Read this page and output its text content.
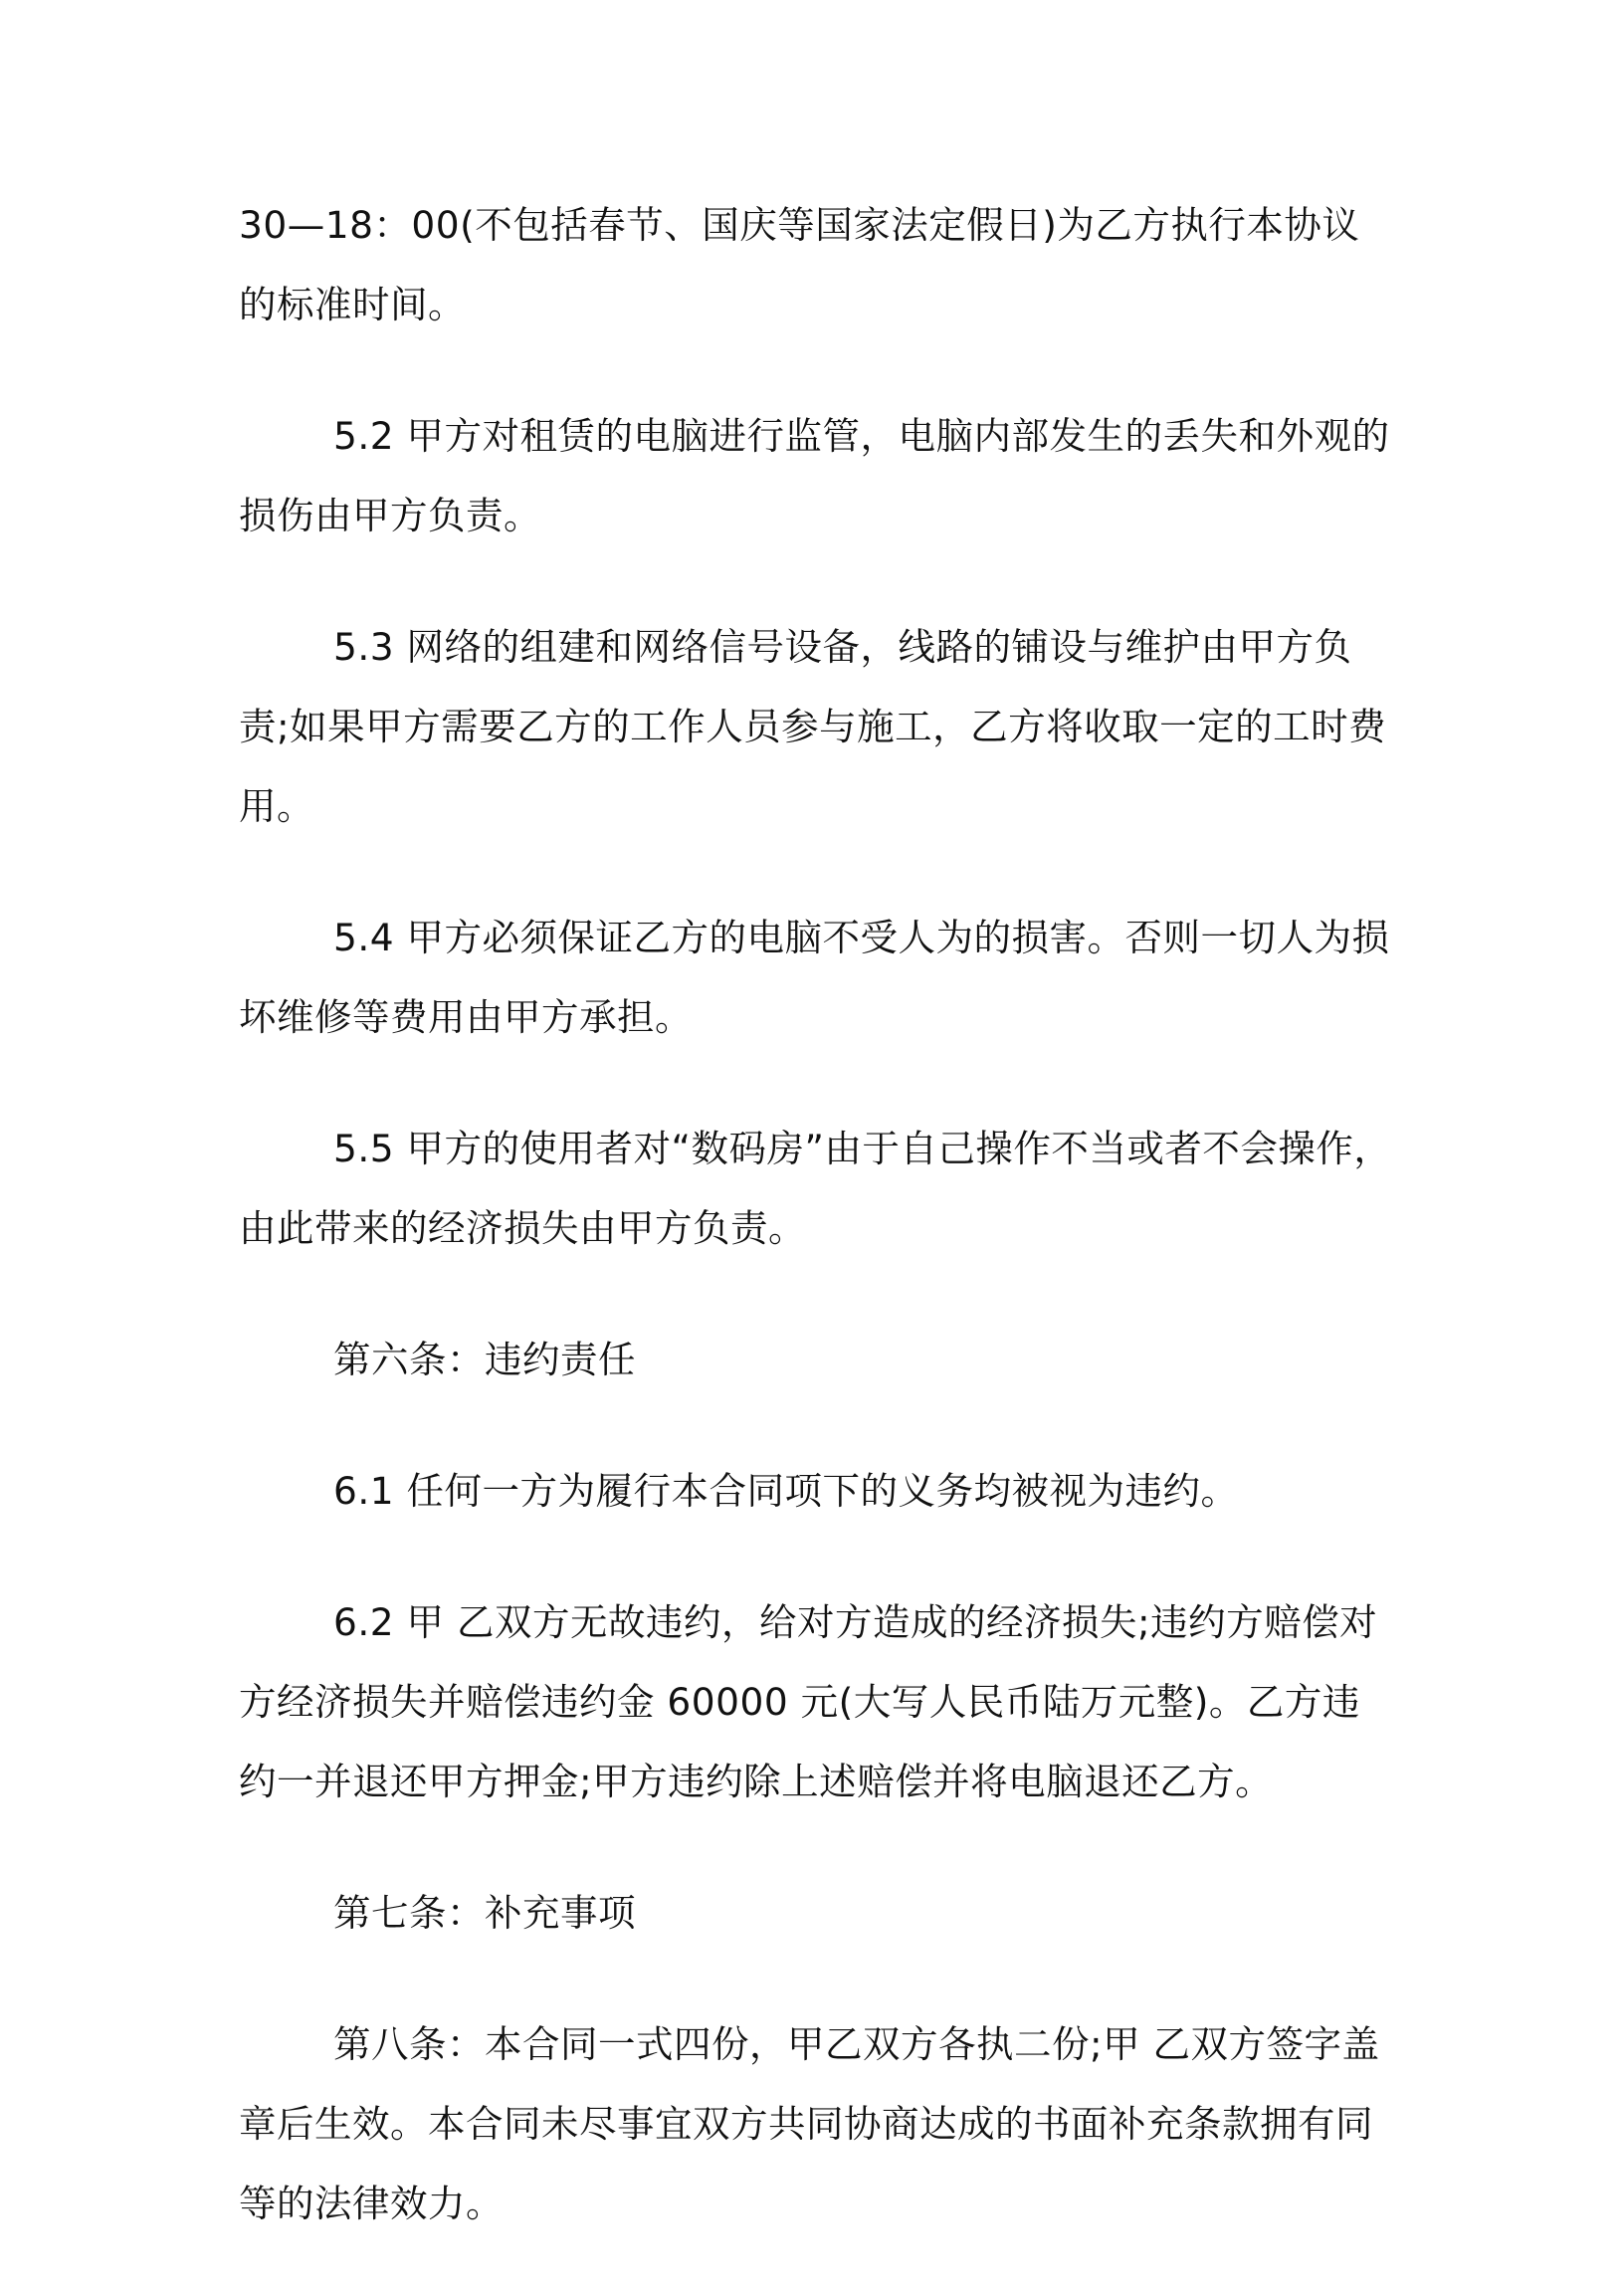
30—18：00(不包括春节、国庆等国家法定假日)为乙方执行本协议的标准时间。

5.2 甲方对租赁的电脑进行监管，电脑内部发生的丢失和外观的损伤由甲方负责。

5.3 网络的组建和网络信号设备，线路的铺设与维护由甲方负责;如果甲方需要乙方的工作人员参与施工，乙方将收取一定的工时费用。

5.4 甲方必须保证乙方的电脑不受人为的损害。否则一切人为损坏维修等费用由甲方承担。

5.5 甲方的使用者对“数码房”由于自己操作不当或者不会操作，由此带来的经济损失由甲方负责。

第六条：违约责任

6.1 任何一方为履行本合同项下的义务均被视为违约。

6.2 甲 乙双方无故违约，给对方造成的经济损失;违约方赔偿对方经济损失并赔偿违约金 60000 元(大写人民币陆万元整)。乙方违约一并退还甲方押金;甲方违约除上述赔偿并将电脑退还乙方。

第七条：补充事项

第八条：本合同一式四份，甲乙双方各执二份;甲 乙双方签字盖章后生效。本合同未尽事宜双方共同协商达成的书面补充条款拥有同等的法律效力。
